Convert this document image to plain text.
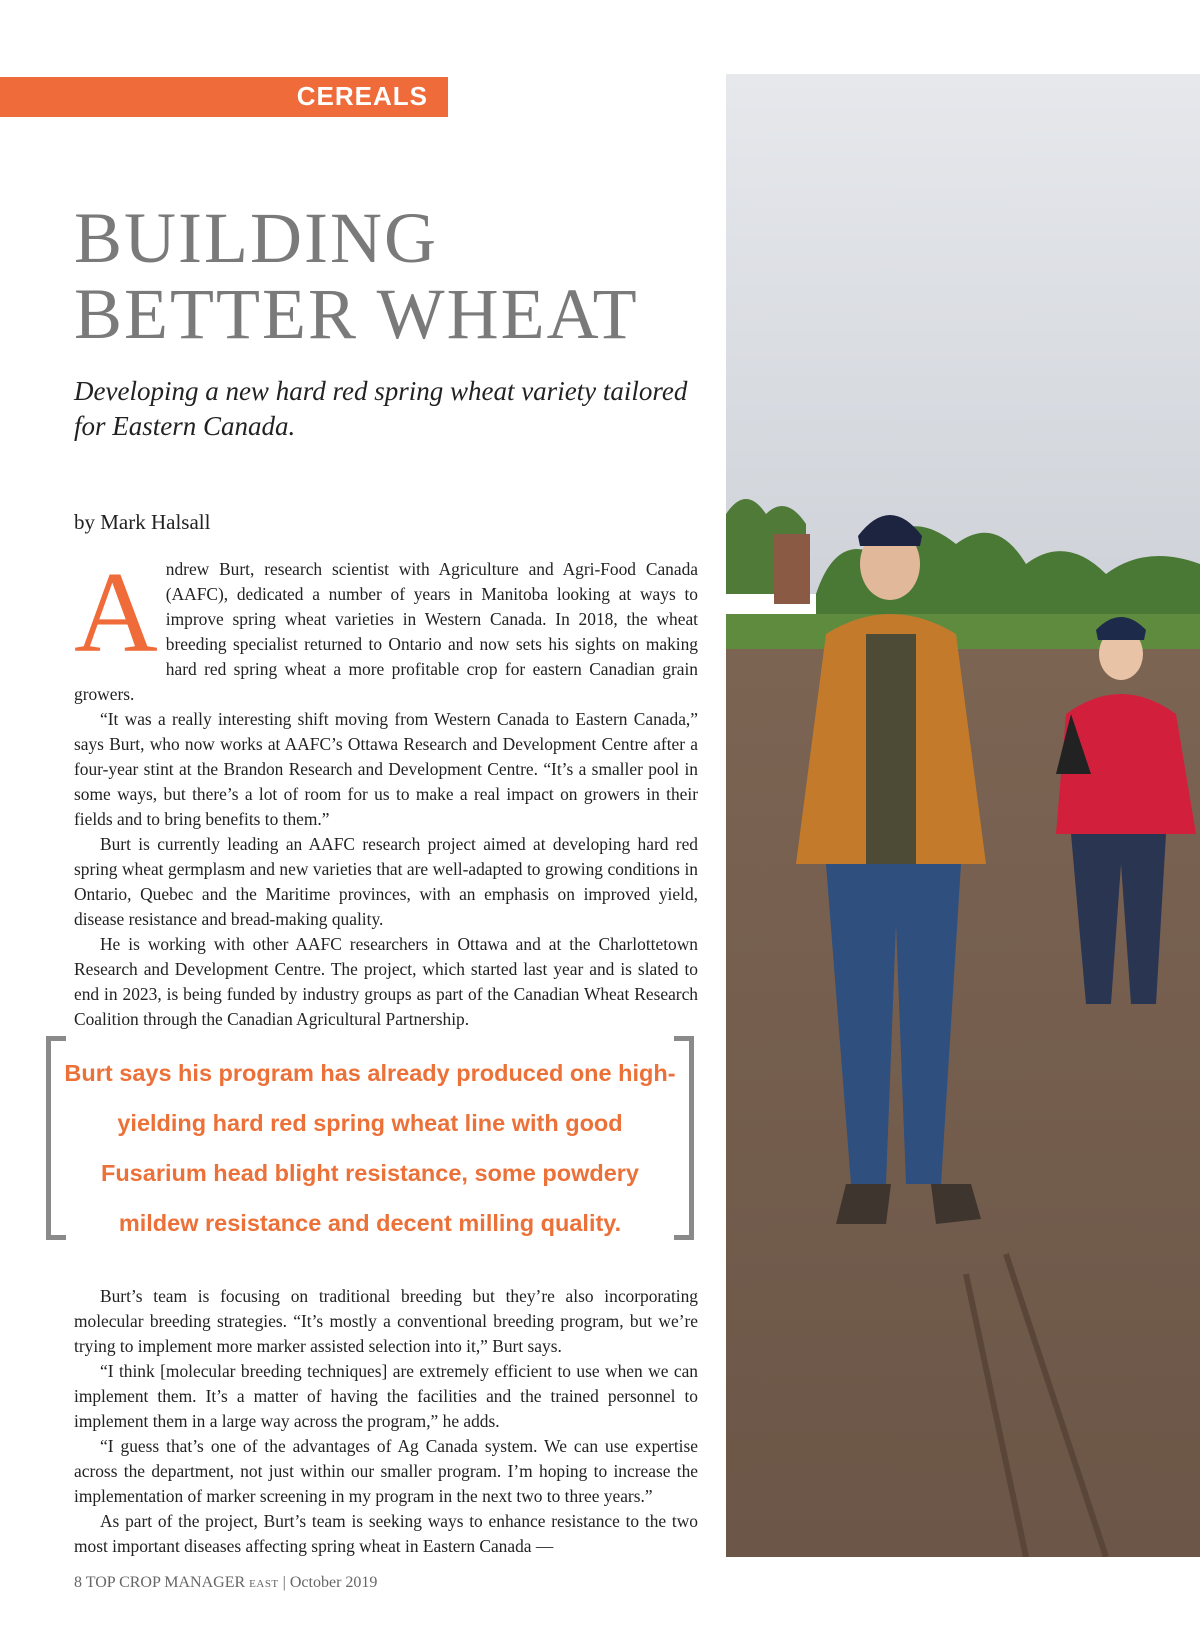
CEREALS
BUILDING
BETTER WHEAT

Developing a new hard red spring wheat variety tailored
for Eastern Canada.

by Mark Halsall

Andrew Burt, research scientist with Agriculture and Agri-Food Canada (AAFC), dedicated a number of years in Manitoba looking at ways to improve spring wheat varieties in Western Canada. In 2018, the wheat breeding specialist returned to Ontario and now sets his sights on making hard red spring wheat a more profitable crop for eastern Canadian grain growers.

“It was a really interesting shift moving from Western Canada to Eastern Canada,” says Burt, who now works at AAFC’s Ottawa Research and Development Centre after a four-year stint at the Brandon Research and Development Centre. “It’s a smaller pool in some ways, but there’s a lot of room for us to make a real impact on growers in their fields and to bring benefits to them.”

Burt is currently leading an AAFC research project aimed at developing hard red spring wheat germplasm and new varieties that are well-adapted to growing conditions in Ontario, Quebec and the Maritime provinces, with an emphasis on improved yield, disease resistance and bread-making quality.

He is working with other AAFC researchers in Ottawa and at the Charlottetown Research and Development Centre. The project, which started last year and is slated to end in 2023, is being funded by industry groups as part of the Canadian Wheat Research Coalition through the Canadian Agricultural Partnership.

Burt says his program has already produced one high-yielding hard red spring wheat line with good Fusarium head blight resistance, some powdery mildew resistance and decent milling quality.

Burt’s team is focusing on traditional breeding but they’re also incorporating molecular breeding strategies. “It’s mostly a conventional breeding program, but we’re trying to implement more marker assisted selection into it,” Burt says.

“I think [molecular breeding techniques] are extremely efficient to use when we can implement them. It’s a matter of having the facilities and the trained personnel to implement them in a large way across the program,” he adds.

“I guess that’s one of the advantages of Ag Canada system. We can use expertise across the department, not just within our smaller program. I’m hoping to increase the implementation of marker screening in my program in the next two to three years.”

As part of the project, Burt’s team is seeking ways to enhance resistance to the two most important diseases affecting spring wheat in Eastern Canada —

8 TOP CROP MANAGER EAST | October 2019
